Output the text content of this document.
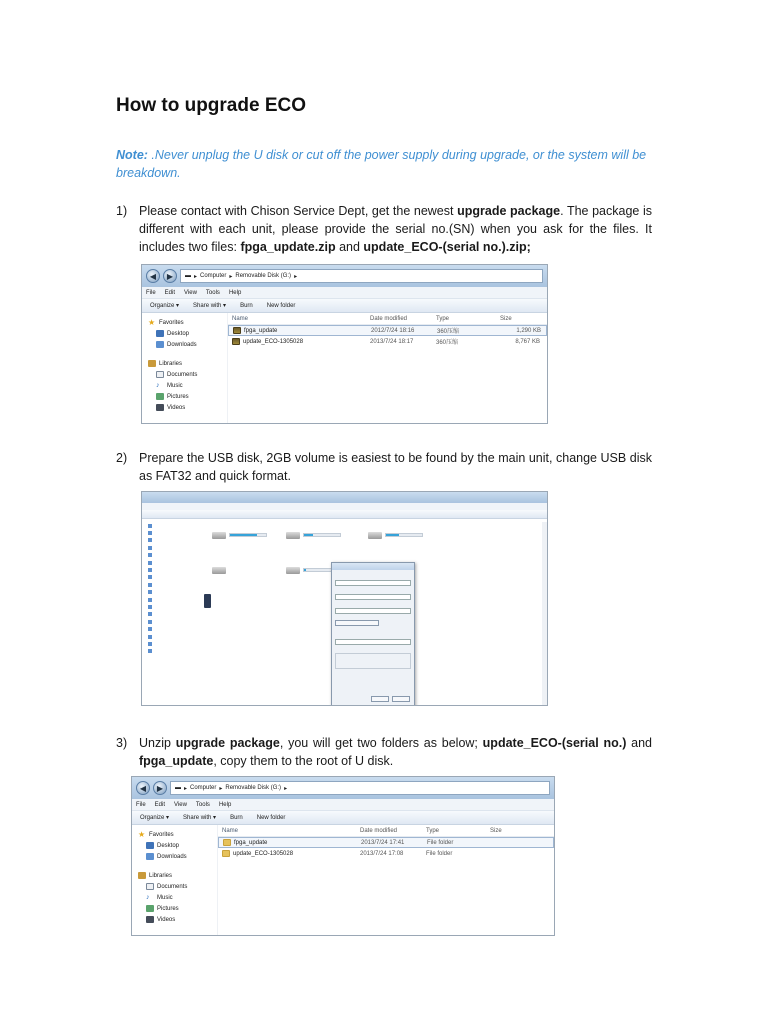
How to upgrade ECO
Note: .Never unplug the U disk or cut off the power supply during upgrade, or the system will be breakdown.
1) Please contact with Chison Service Dept, get the newest upgrade package. The package is different with each unit, please provide the serial no.(SN) when you ask for the files. It includes two files: fpga_update.zip and update_ECO-(serial no.).zip;
◀	▶	▬ ▸ Computer ▸ Removable Disk (G:) ▸
File Edit View Tools Help
Organize ▾ Share with ▾ Burn New folder
★ Favorites
Desktop
Downloads
Libraries
Documents
♪	Music
Pictures
Videos
Name	Date modified	Type	Size
fpga_update	2012/7/24 18:16	360压缩	1,290 KB
update_ECO-1305028	2013/7/24 18:17	360压缩	8,767 KB
2) Prepare the USB disk, 2GB volume is easiest to be found by the main unit, change USB disk as FAT32 and quick format.
3) Unzip upgrade package, you will get two folders as below; update_ECO-(serial no.) and fpga_update, copy them to the root of U disk.
◀	▶	▬ ▸ Computer ▸ Removable Disk (G:) ▸
File Edit View Tools Help
Organize ▾ Share with ▾ Burn New folder
★ Favorites
Desktop
Downloads
Libraries
Documents
♪	Music
Pictures
Videos
Name	Date modified	Type	Size
fpga_update	2013/7/24 17:41	File folder
update_ECO-1305028	2013/7/24 17:08	File folder
